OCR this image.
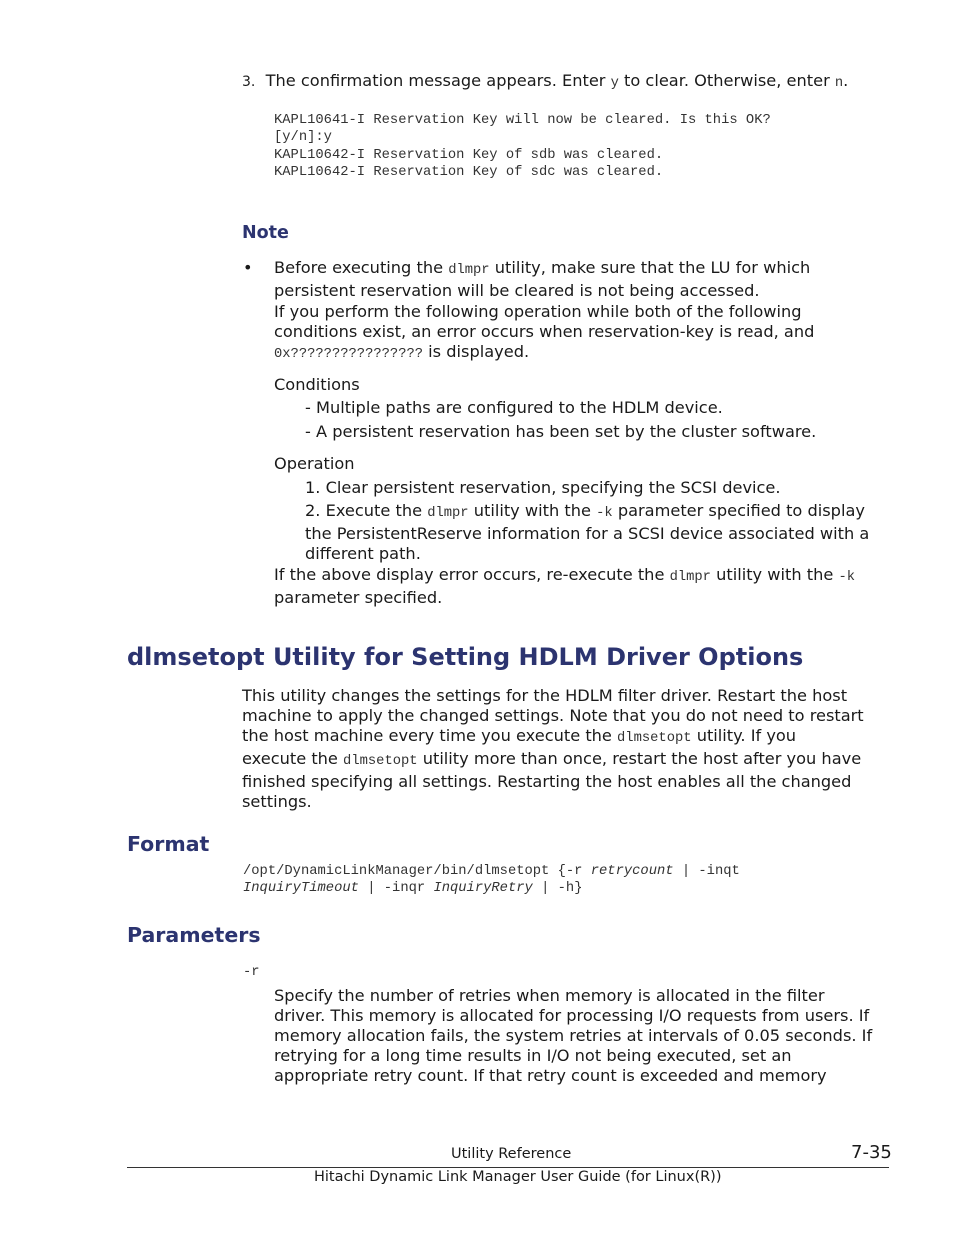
3. The confirmation message appears. Enter y to clear. Otherwise, enter n.
KAPL10641-I Reservation Key will now be cleared. Is this OK?
[y/n]:y
KAPL10642-I Reservation Key of sdb was cleared.
KAPL10642-I Reservation Key of sdc was cleared.
Note
• Before executing the dlmpr utility, make sure that the LU for which
persistent reservation will be cleared is not being accessed.
If you perform the following operation while both of the following
conditions exist, an error occurs when reservation-key is read, and
0x???????????????? is displayed.
Conditions
- Multiple paths are configured to the HDLM device.
- A persistent reservation has been set by the cluster software.
Operation
1. Clear persistent reservation, specifying the SCSI device.
2. Execute the dlmpr utility with the -k parameter specified to display
the PersistentReserve information for a SCSI device associated with a
different path.
If the above display error occurs, re-execute the dlmpr utility with the -k
parameter specified.
dlmsetopt Utility for Setting HDLM Driver Options
This utility changes the settings for the HDLM filter driver. Restart the host
machine to apply the changed settings. Note that you do not need to restart
the host machine every time you execute the dlmsetopt utility. If you
execute the dlmsetopt utility more than once, restart the host after you have
finished specifying all settings. Restarting the host enables all the changed
settings.
Format
/opt/DynamicLinkManager/bin/dlmsetopt {-r retrycount | -inqt
InquiryTimeout | -inqr InquiryRetry | -h}
Parameters
-r
Specify the number of retries when memory is allocated in the filter
driver. This memory is allocated for processing I/O requests from users. If
memory allocation fails, the system retries at intervals of 0.05 seconds. If
retrying for a long time results in I/O not being executed, set an
appropriate retry count. If that retry count is exceeded and memory
Utility Reference	7-35
Hitachi Dynamic Link Manager User Guide (for Linux(R))
